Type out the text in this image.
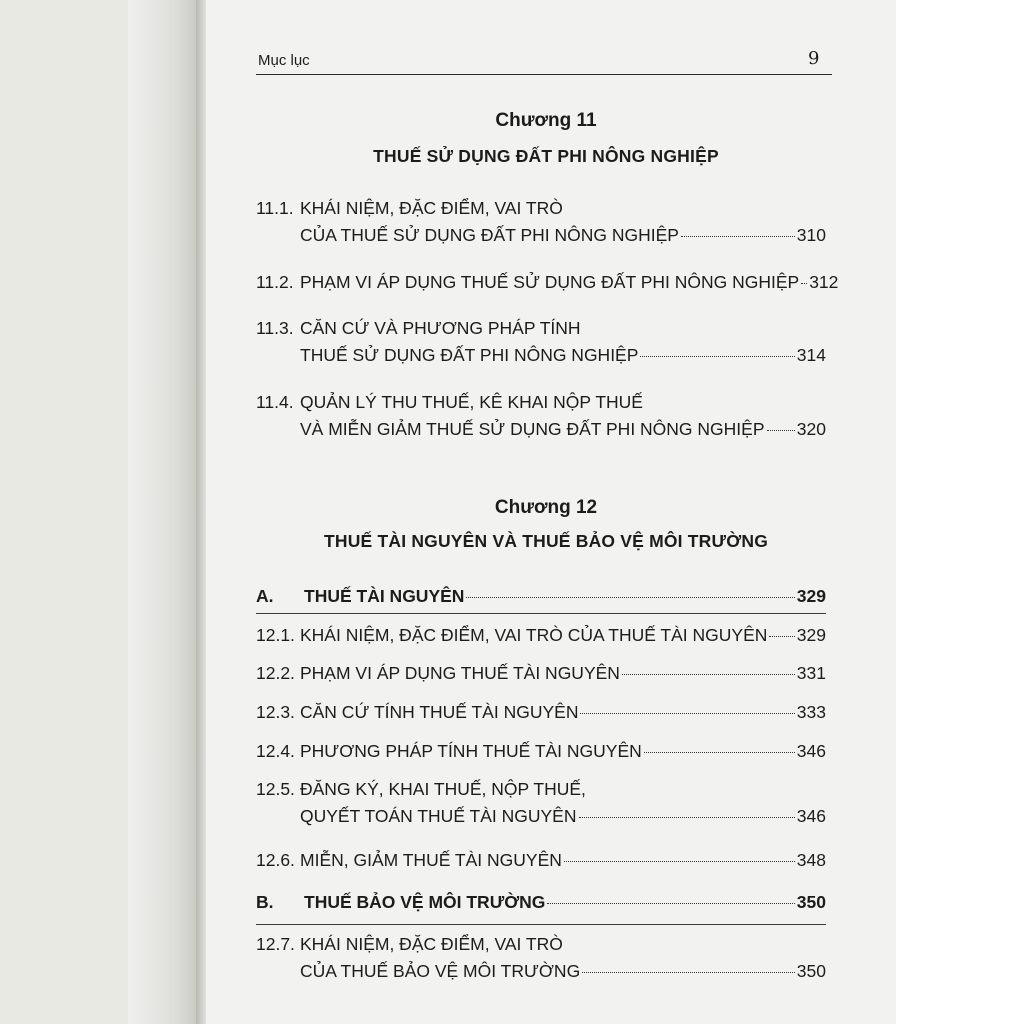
Mục lục	9
Chương 11
THUẾ SỬ DỤNG ĐẤT PHI NÔNG NGHIỆP
11.1. KHÁI NIỆM, ĐẶC ĐIỂM, VAI TRÒ
CỦA THUẾ SỬ DỤNG ĐẤT PHI NÔNG NGHIỆP	310
11.2. PHẠM VI ÁP DỤNG THUẾ SỬ DỤNG ĐẤT PHI NÔNG NGHIỆP 312
11.3. CĂN CỨ VÀ PHƯƠNG PHÁP TÍNH
THUẾ SỬ DỤNG ĐẤT PHI NÔNG NGHIỆP	314
11.4. QUẢN LÝ THU THUẾ, KÊ KHAI NỘP THUẾ
VÀ MIỄN GIẢM THUẾ SỬ DỤNG ĐẤT PHI NÔNG NGHIỆP 320
Chương 12
THUẾ TÀI NGUYÊN VÀ THUẾ BẢO VỆ MÔI TRƯỜNG
A. THUẾ TÀI NGUYÊN	329
12.1. KHÁI NIỆM, ĐẶC ĐIỂM, VAI TRÒ CỦA THUẾ TÀI NGUYÊN 329
12.2. PHẠM VI ÁP DỤNG THUẾ TÀI NGUYÊN	331
12.3. CĂN CỨ TÍNH THUẾ TÀI NGUYÊN	333
12.4. PHƯƠNG PHÁP TÍNH THUẾ TÀI NGUYÊN	346
12.5. ĐĂNG KÝ, KHAI THUẾ, NỘP THUẾ,
QUYẾT TOÁN THUẾ TÀI NGUYÊN	346
12.6. MIỄN, GIẢM THUẾ TÀI NGUYÊN	348
B. THUẾ BẢO VỆ MÔI TRƯỜNG	350
12.7. KHÁI NIỆM, ĐẶC ĐIỂM, VAI TRÒ
CỦA THUẾ BẢO VỆ MÔI TRƯỜNG	350
